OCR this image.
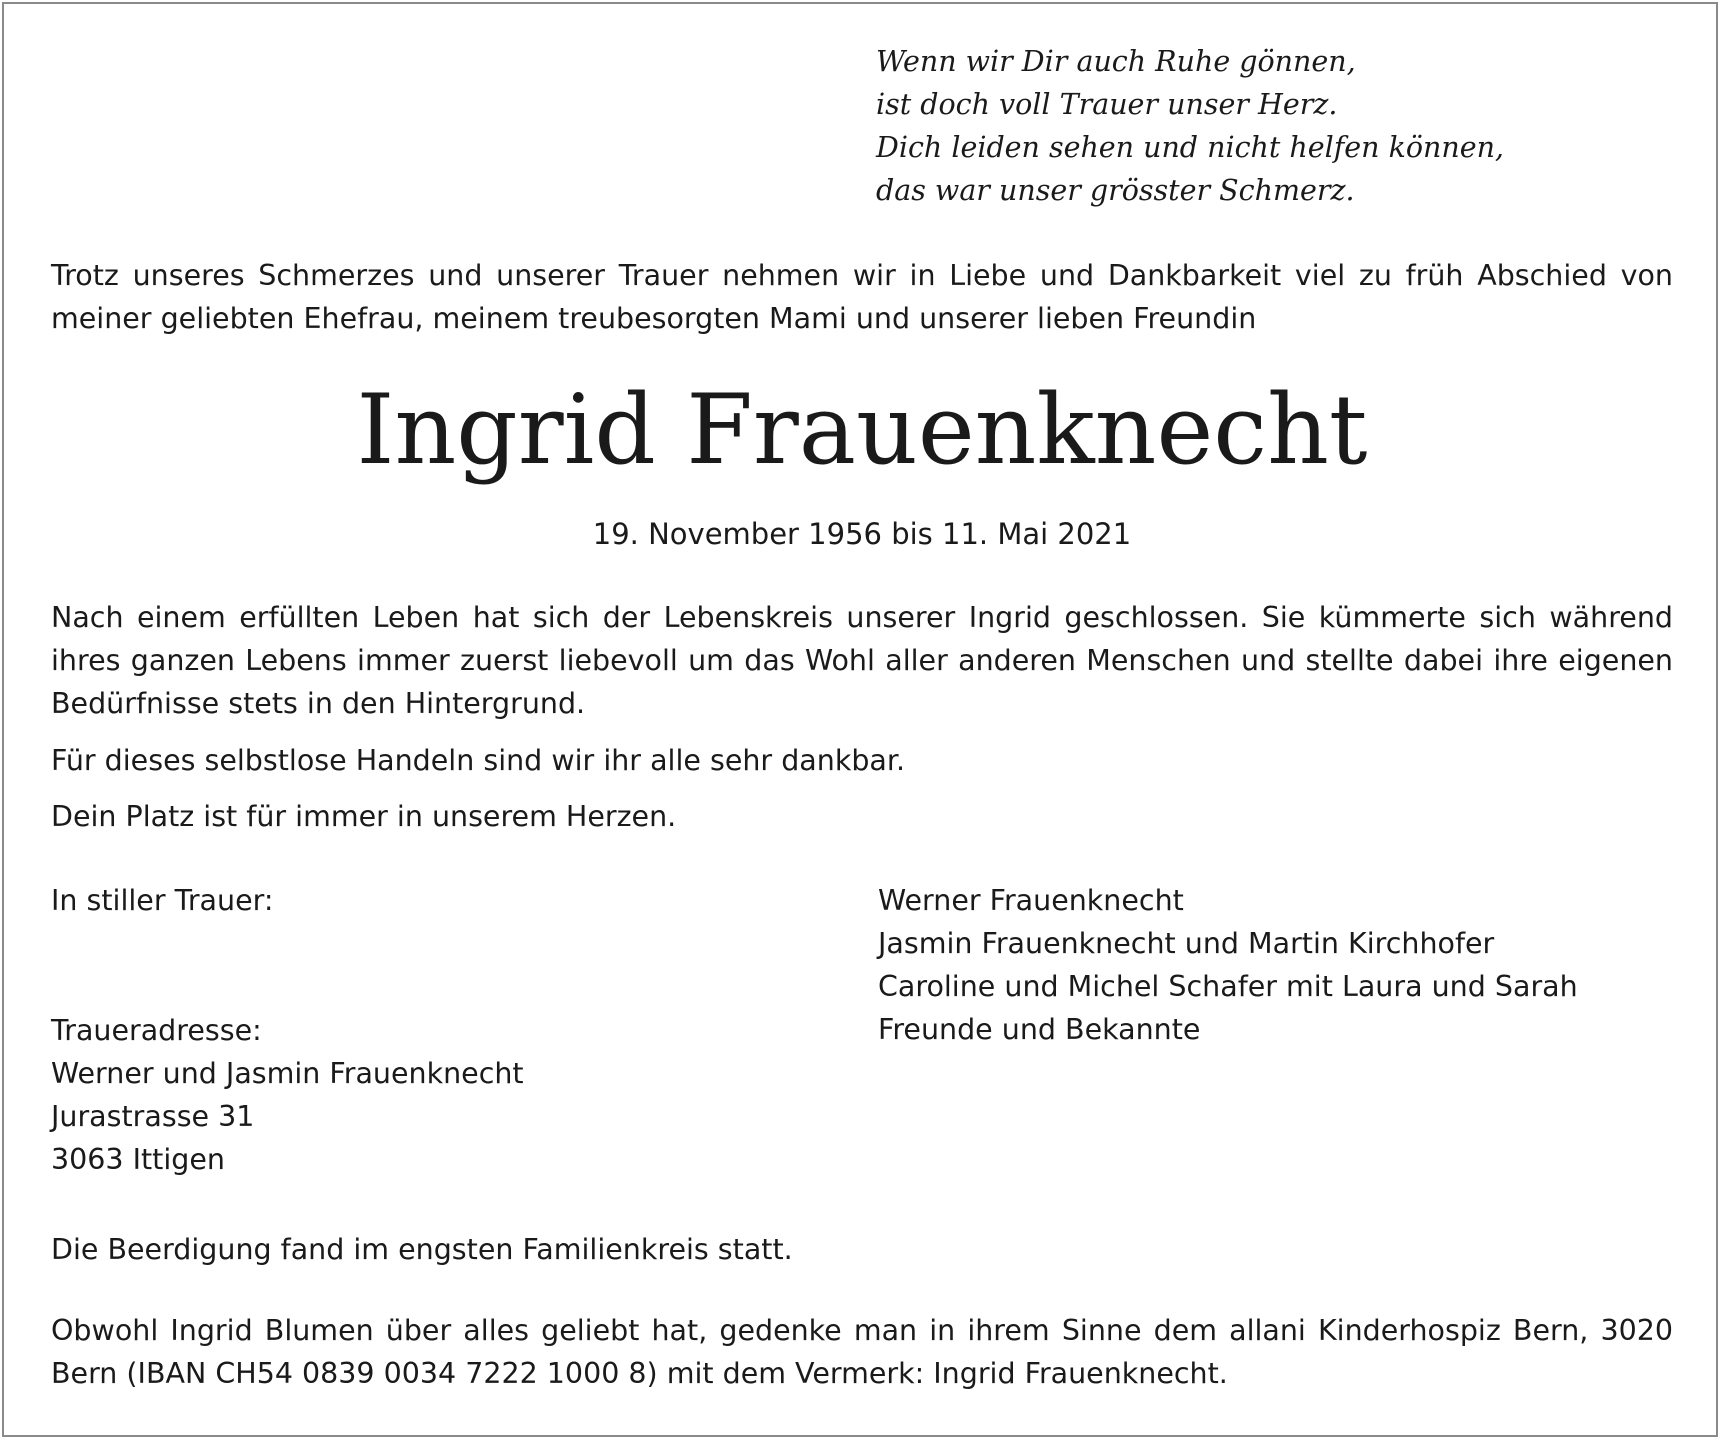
Wenn wir Dir auch Ruhe gönnen,
ist doch voll Trauer unser Herz.
Dich leiden sehen und nicht helfen können,
das war unser grösster Schmerz.
Trotz unseres Schmerzes und unserer Trauer nehmen wir in Liebe und Dankbarkeit viel zu früh Abschied von meiner geliebten Ehefrau, meinem treubesorgten Mami und unserer lieben Freundin
Ingrid Frauenknecht
19. November 1956 bis 11. Mai 2021
Nach einem erfüllten Leben hat sich der Lebenskreis unserer Ingrid geschlossen. Sie kümmerte sich während ihres ganzen Lebens immer zuerst liebevoll um das Wohl aller anderen Menschen und stellte dabei ihre eigenen Bedürfnisse stets in den Hintergrund.
Für dieses selbstlose Handeln sind wir ihr alle sehr dankbar.
Dein Platz ist für immer in unserem Herzen.
In stiller Trauer:	Werner Frauenknecht
Jasmin Frauenknecht und Martin Kirchhofer
Caroline und Michel Schafer mit Laura und Sarah
Freunde und Bekannte
Traueradresse:
Werner und Jasmin Frauenknecht
Jurastrasse 31
3063 Ittigen
Die Beerdigung fand im engsten Familienkreis statt.
Obwohl Ingrid Blumen über alles geliebt hat, gedenke man in ihrem Sinne dem allani Kinderhospiz Bern, 3020 Bern (IBAN CH54 0839 0034 7222 1000 8) mit dem Vermerk: Ingrid Frauenknecht.
